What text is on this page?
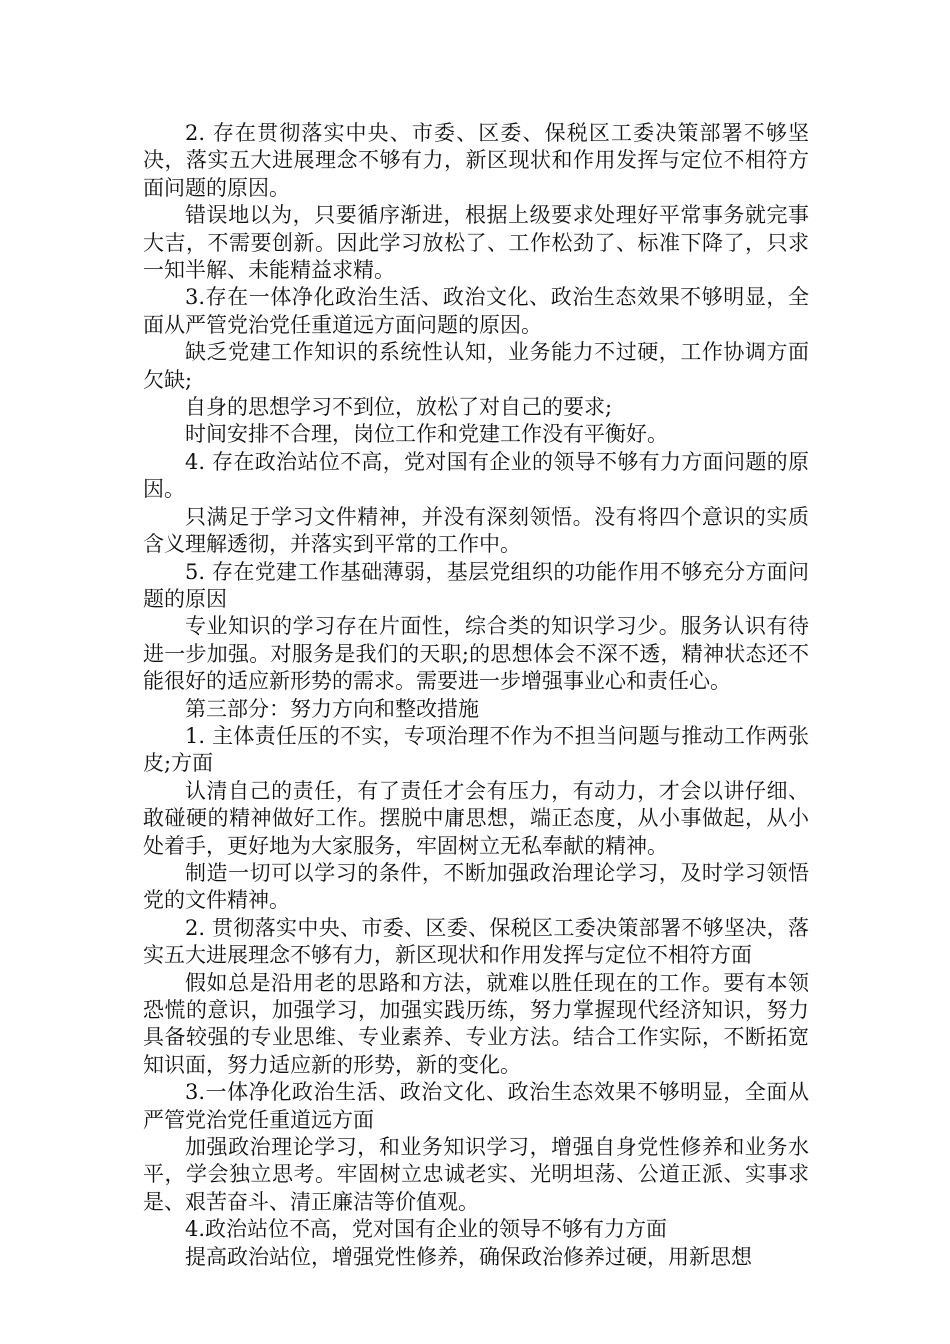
2. 存在贯彻落实中央、市委、区委、保税区工委决策部署不够坚决，落实五大进展理念不够有力，新区现状和作用发挥与定位不相符方面问题的原因。

错误地以为，只要循序渐进，根据上级要求处理好平常事务就完事大吉，不需要创新。因此学习放松了、工作松劲了、标准下降了，只求一知半解、未能精益求精。

3.存在一体净化政治生活、政治文化、政治生态效果不够明显，全面从严管党治党任重道远方面问题的原因。

缺乏党建工作知识的系统性认知，业务能力不过硬，工作协调方面欠缺;

自身的思想学习不到位，放松了对自己的要求;

时间安排不合理，岗位工作和党建工作没有平衡好。

4. 存在政治站位不高，党对国有企业的领导不够有力方面问题的原因。

只满足于学习文件精神，并没有深刻领悟。没有将四个意识的实质含义理解透彻，并落实到平常的工作中。

5. 存在党建工作基础薄弱，基层党组织的功能作用不够充分方面问题的原因

专业知识的学习存在片面性，综合类的知识学习少。服务认识有待进一步加强。对服务是我们的天职;的思想体会不深不透，精神状态还不能很好的适应新形势的需求。需要进一步增强事业心和责任心。

第三部分：努力方向和整改措施

1. 主体责任压的不实，专项治理不作为不担当问题与推动工作两张皮;方面

认清自己的责任，有了责任才会有压力，有动力，才会以讲仔细、敢碰硬的精神做好工作。摆脱中庸思想，端正态度，从小事做起，从小处着手，更好地为大家服务，牢固树立无私奉献的精神。

制造一切可以学习的条件，不断加强政治理论学习，及时学习领悟党的文件精神。

2. 贯彻落实中央、市委、区委、保税区工委决策部署不够坚决，落实五大进展理念不够有力，新区现状和作用发挥与定位不相符方面

假如总是沿用老的思路和方法，就难以胜任现在的工作。要有本领恐慌的意识，加强学习，加强实践历练，努力掌握现代经济知识，努力具备较强的专业思维、专业素养、专业方法。结合工作实际，不断拓宽知识面，努力适应新的形势，新的变化。

3.一体净化政治生活、政治文化、政治生态效果不够明显，全面从严管党治党任重道远方面

加强政治理论学习，和业务知识学习，增强自身党性修养和业务水平，学会独立思考。牢固树立忠诚老实、光明坦荡、公道正派、实事求是、艰苦奋斗、清正廉洁等价值观。

4.政治站位不高，党对国有企业的领导不够有力方面

提高政治站位，增强党性修养，确保政治修养过硬，用新思想
